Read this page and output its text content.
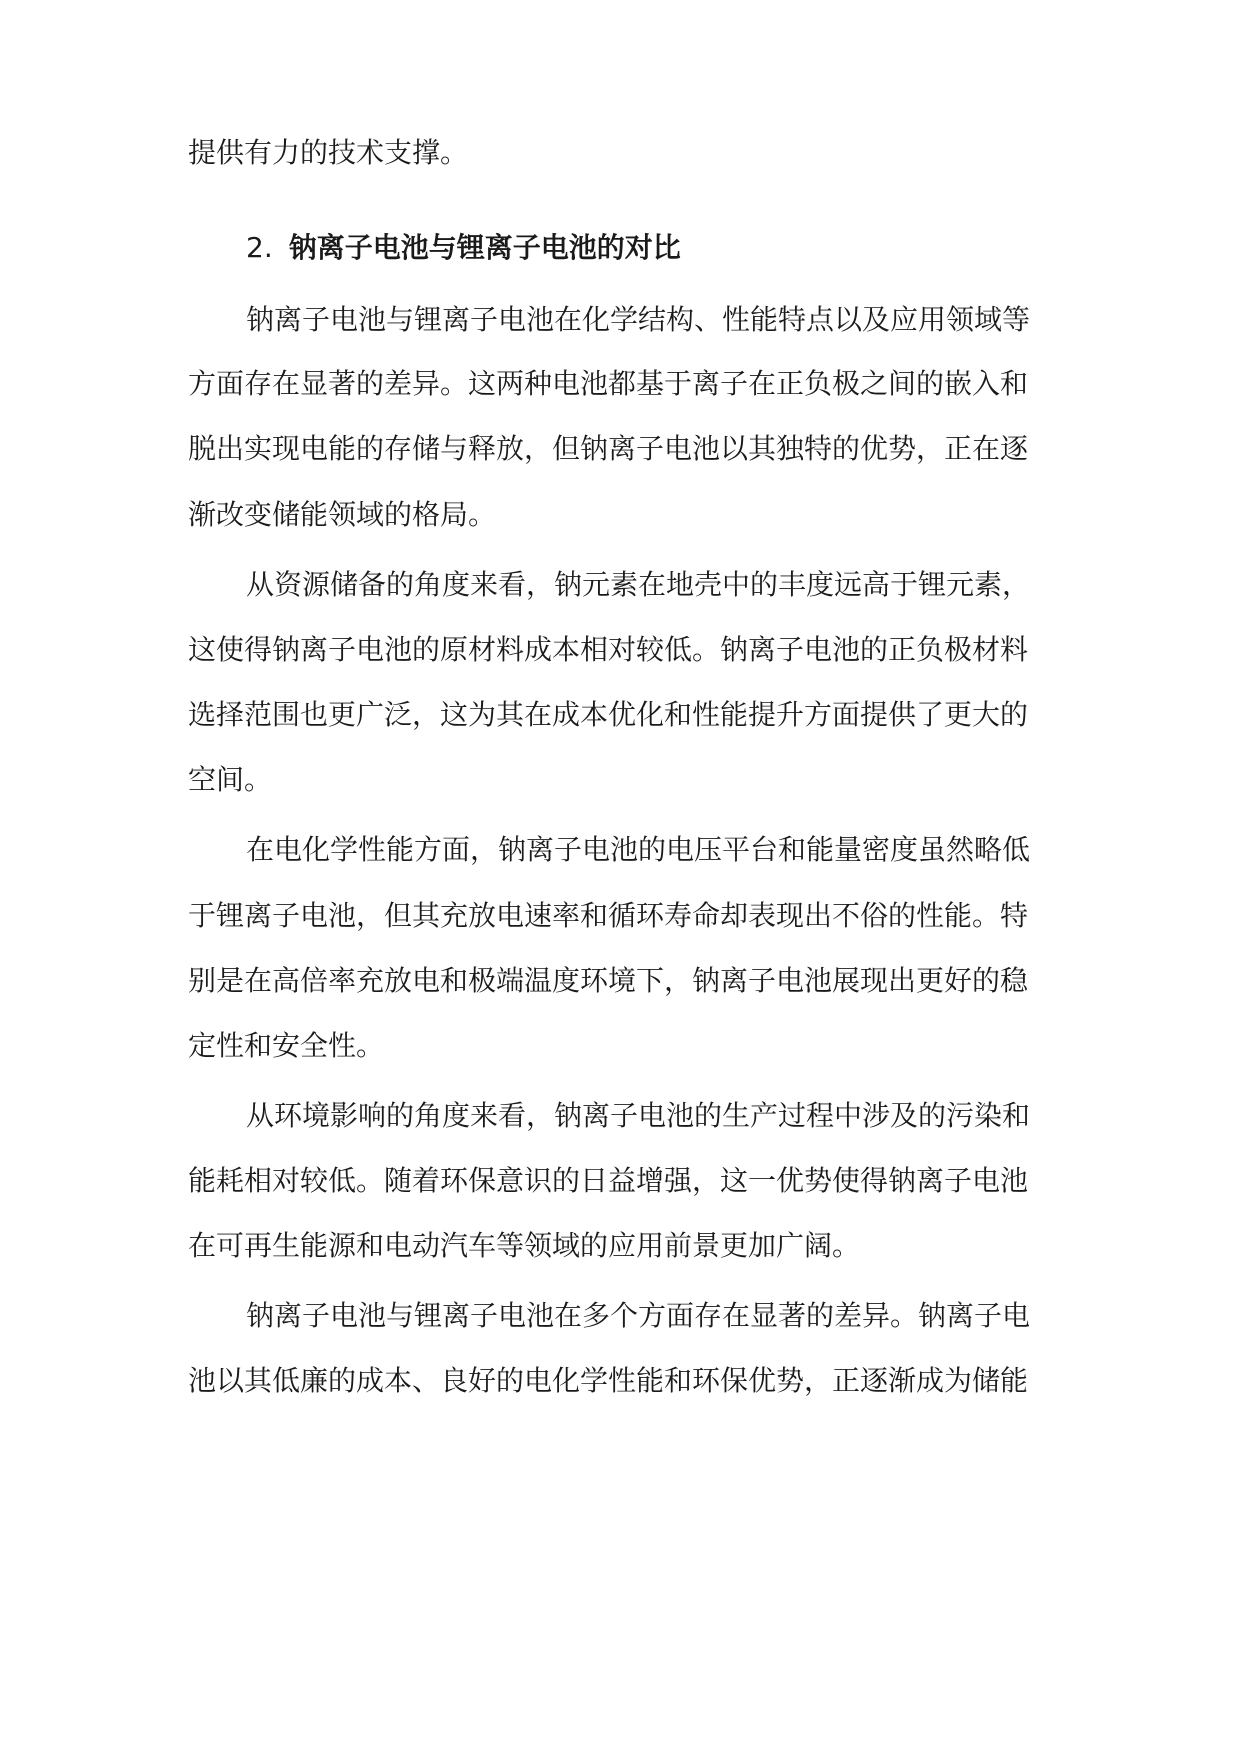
提供有力的技术支撑。
2. 钠离子电池与锂离子电池的对比
钠离子电池与锂离子电池在化学结构、性能特点以及应用领域等
方面存在显著的差异。这两种电池都基于离子在正负极之间的嵌入和
脱出实现电能的存储与释放，但钠离子电池以其独特的优势，正在逐
渐改变储能领域的格局。
从资源储备的角度来看，钠元素在地壳中的丰度远高于锂元素，
这使得钠离子电池的原材料成本相对较低。钠离子电池的正负极材料
选择范围也更广泛，这为其在成本优化和性能提升方面提供了更大的
空间。
在电化学性能方面，钠离子电池的电压平台和能量密度虽然略低
于锂离子电池，但其充放电速率和循环寿命却表现出不俗的性能。特
别是在高倍率充放电和极端温度环境下，钠离子电池展现出更好的稳
定性和安全性。
从环境影响的角度来看，钠离子电池的生产过程中涉及的污染和
能耗相对较低。随着环保意识的日益增强，这一优势使得钠离子电池
在可再生能源和电动汽车等领域的应用前景更加广阔。
钠离子电池与锂离子电池在多个方面存在显著的差异。钠离子电
池以其低廉的成本、良好的电化学性能和环保优势，正逐渐成为储能
